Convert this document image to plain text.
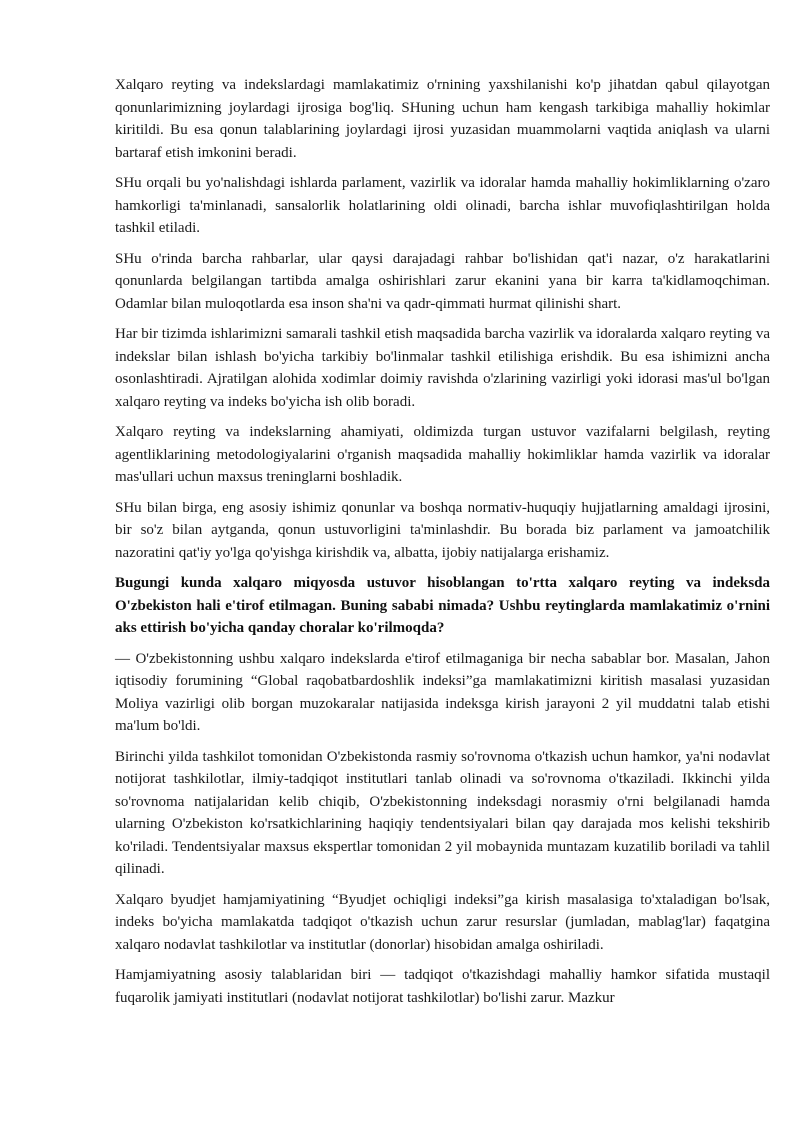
Xalqaro reyting va indekslardagi mamlakatimiz o'rnining yaxshilanishi ko'p jihatdan qabul qilayotgan qonunlarimizning joylardagi ijrosiga bog'liq. SHuning uchun ham kengash tarkibiga mahalliy hokimlar kiritildi. Bu esa qonun talablarining joylardagi ijrosi yuzasidan muammolarni vaqtida aniqlash va ularni bartaraf etish imkonini beradi.

SHu orqali bu yo'nalishdagi ishlarda parlament, vazirlik va idoralar hamda mahalliy hokimliklarning o'zaro hamkorligi ta'minlanadi, sansalorlik holatlarining oldi olinadi, barcha ishlar muvofiqlashtirilgan holda tashkil etiladi.

SHu o'rinda barcha rahbarlar, ular qaysi darajadagi rahbar bo'lishidan qat'i nazar, o'z harakatlarini qonunlarda belgilangan tartibda amalga oshirishlari zarur ekanini yana bir karra ta'kidlamoqchiman. Odamlar bilan muloqotlarda esa inson sha'ni va qadr-qimmati hurmat qilinishi shart.

Har bir tizimda ishlarimizni samarali tashkil etish maqsadida barcha vazirlik va idoralarda xalqaro reyting va indekslar bilan ishlash bo'yicha tarkibiy bo'linmalar tashkil etilishiga erishdik. Bu esa ishimizni ancha osonlashtiradi. Ajratilgan alohida xodimlar doimiy ravishda o'zlarining vazirligi yoki idorasi mas'ul bo'lgan xalqaro reyting va indeks bo'yicha ish olib boradi.

Xalqaro reyting va indekslarning ahamiyati, oldimizda turgan ustuvor vazifalarni belgilash, reyting agentliklarining metodologiyalarini o'rganish maqsadida mahalliy hokimliklar hamda vazirlik va idoralar mas'ullari uchun maxsus treninglarni boshladik.

SHu bilan birga, eng asosiy ishimiz qonunlar va boshqa normativ-huquqiy hujjatlarning amaldagi ijrosini, bir so'z bilan aytganda, qonun ustuvorligini ta'minlashdir. Bu borada biz parlament va jamoatchilik nazoratini qat'iy yo'lga qo'yishga kirishdik va, albatta, ijobiy natijalarga erishamiz.

Bugungi kunda xalqaro miqyosda ustuvor hisoblangan to'rtta xalqaro reyting va indeksda O'zbekiston hali e'tirof etilmagan. Buning sababi nimada? Ushbu reytinglarda mamlakatimiz o'rnini aks ettirish bo'yicha qanday choralar ko'rilmoqda?

— O'zbekistonning ushbu xalqaro indekslarda e'tirof etilmaganiga bir necha sabablar bor. Masalan, Jahon iqtisodiy forumining “Global raqobatbardoshlik indeksi”ga mamlakatimizni kiritish masalasi yuzasidan Moliya vazirligi olib borgan muzokaralar natijasida indeksga kirish jarayoni 2 yil muddatni talab etishi ma'lum bo'ldi.

Birinchi yilda tashkilot tomonidan O'zbekistonda rasmiy so'rovnoma o'tkazish uchun hamkor, ya'ni nodavlat notijorat tashkilotlar, ilmiy-tadqiqot institutlari tanlab olinadi va so'rovnoma o'tkaziladi. Ikkinchi yilda so'rovnoma natijalaridan kelib chiqib, O'zbekistonning indeksdagi norasmiy o'rni belgilanadi hamda ularning O'zbekiston ko'rsatkichlarining haqiqiy tendentsiyalari bilan qay darajada mos kelishi tekshirib ko'riladi. Tendentsiyalar maxsus ekspertlar tomonidan 2 yil mobaynida muntazam kuzatilib boriladi va tahlil qilinadi.

Xalqaro byudjet hamjamiyatining “Byudjet ochiqligi indeksi”ga kirish masalasiga to'xtaladigan bo'lsak, indeks bo'yicha mamlakatda tadqiqot o'tkazish uchun zarur resurslar (jumladan, mablag'lar) faqatgina xalqaro nodavlat tashkilotlar va institutlar (donorlar) hisobidan amalga oshiriladi.

Hamjamiyatning asosiy talablaridan biri — tadqiqot o'tkazishdagi mahalliy hamkor sifatida mustaqil fuqarolik jamiyati institutlari (nodavlat notijorat tashkilotlar) bo'lishi zarur. Mazkur
